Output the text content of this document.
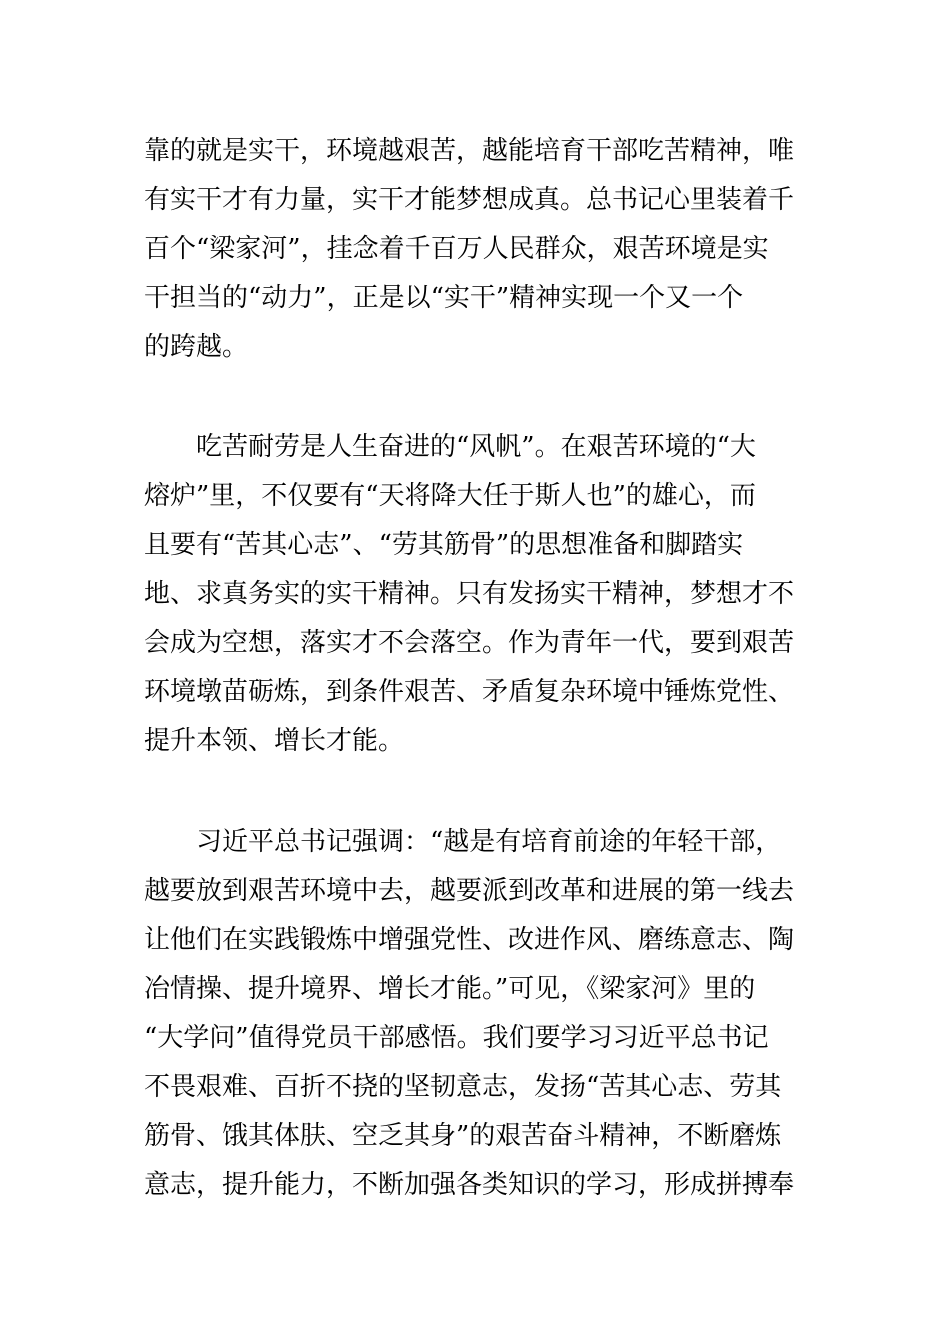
靠的就是实干，环境越艰苦，越能培育干部吃苦精神，唯
有实干才有力量，实干才能梦想成真。总书记心里装着千
百个“梁家河”，挂念着千百万人民群众，艰苦环境是实
干担当的“动力”，正是以“实干”精神实现一个又一个
的跨越。
吃苦耐劳是人生奋进的“风帆”。在艰苦环境的“大
熔炉”里，不仅要有“天将降大任于斯人也”的雄心，而
且要有“苦其心志”、“劳其筋骨”的思想准备和脚踏实
地、求真务实的实干精神。只有发扬实干精神，梦想才不
会成为空想，落实才不会落空。作为青年一代，要到艰苦
环境墩苗砺炼，到条件艰苦、矛盾复杂环境中锤炼党性、
提升本领、增长才能。
习近平总书记强调：“越是有培育前途的年轻干部，
越要放到艰苦环境中去，越要派到改革和进展的第一线去
让他们在实践锻炼中增强党性、改进作风、磨练意志、陶
冶情操、提升境界、增长才能。”可见，《梁家河》里的
“大学问”值得党员干部感悟。我们要学习习近平总书记
不畏艰难、百折不挠的坚韧意志，发扬“苦其心志、劳其
筋骨、饿其体肤、空乏其身”的艰苦奋斗精神，不断磨炼
意志，提升能力，不断加强各类知识的学习，形成拼搏奉
